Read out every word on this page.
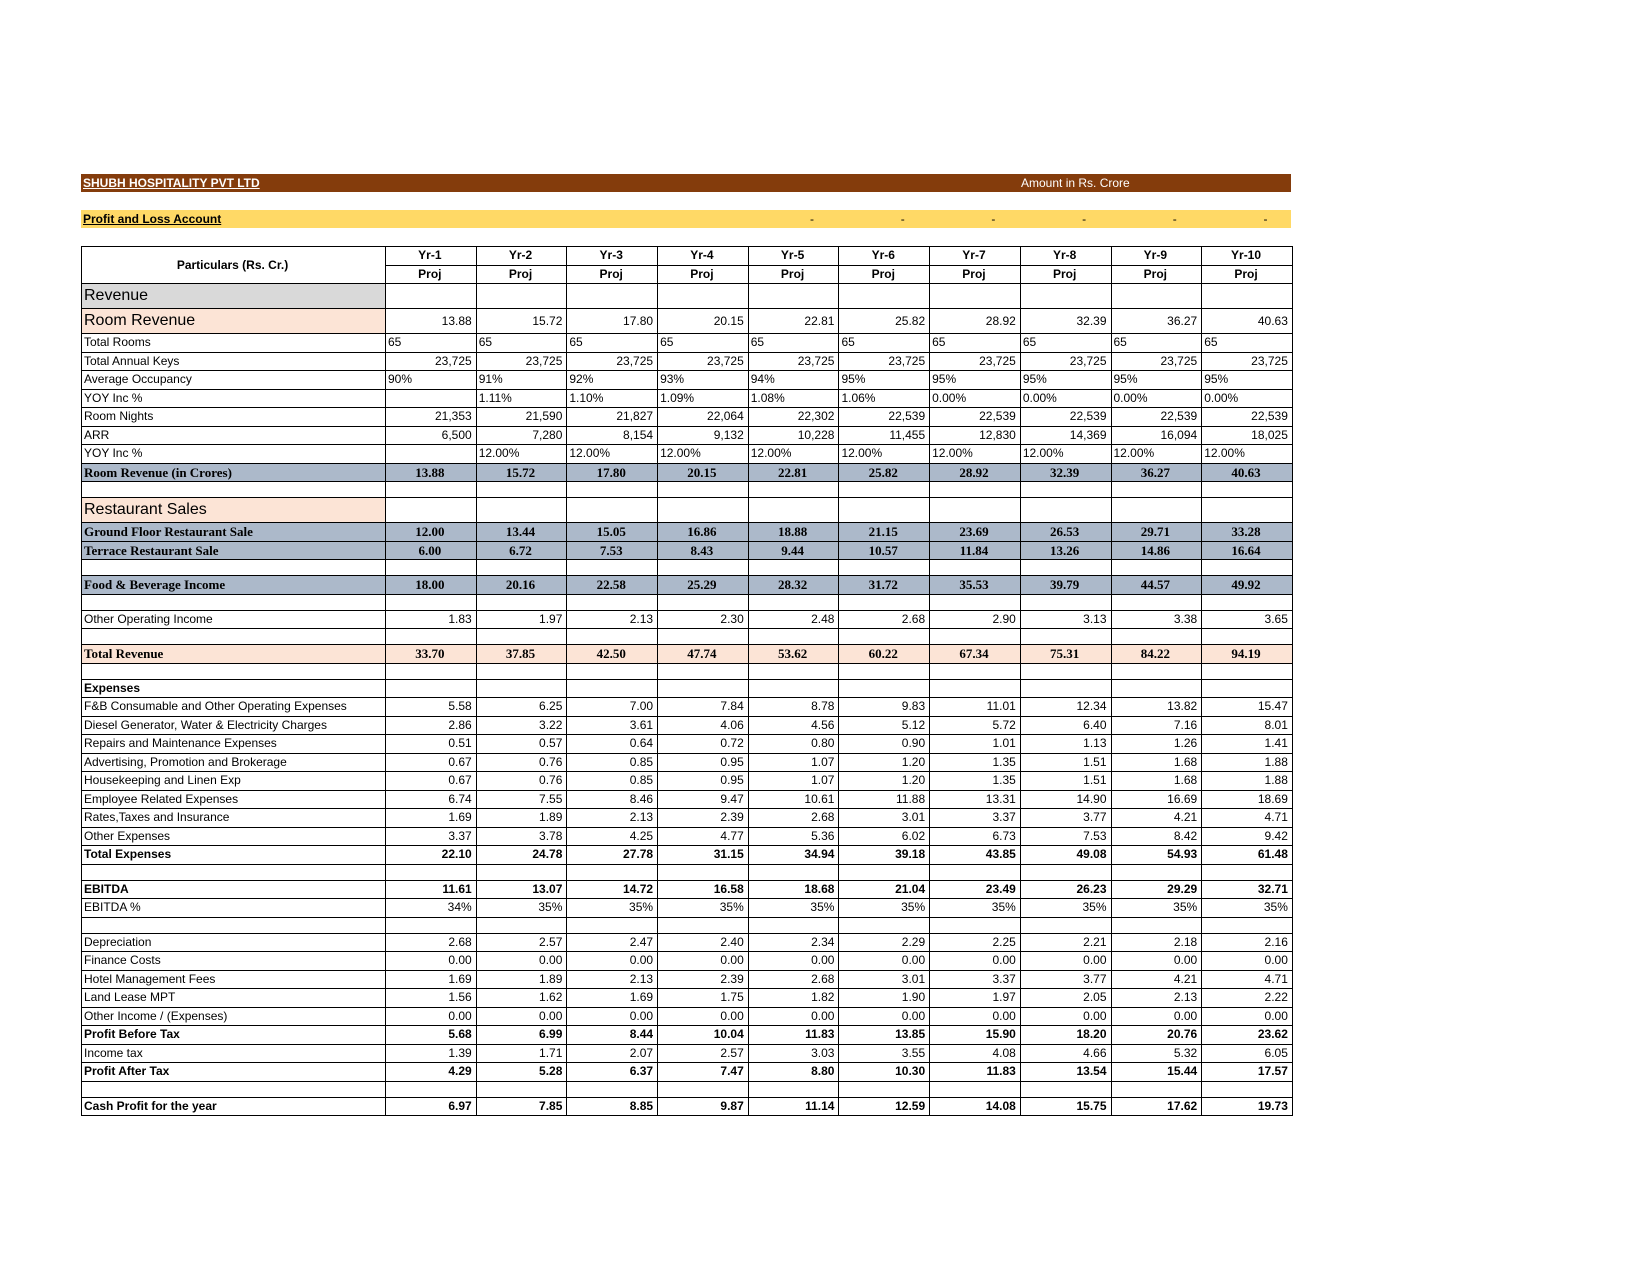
SHUBH HOSPITALITY PVT LTD	Amount in Rs. Crore
Profit and Loss Account	-	-	-	-	-	-
Particulars (Rs. Cr.)	Yr-1	Yr-2	Yr-3	Yr-4	Yr-5	Yr-6	Yr-7	Yr-8	Yr-9	Yr-10
	Proj	Proj	Proj	Proj	Proj	Proj	Proj	Proj	Proj	Proj
Revenue										
Room Revenue	13.88	15.72	17.80	20.15	22.81	25.82	28.92	32.39	36.27	40.63
Total Rooms	65	65	65	65	65	65	65	65	65	65
Total Annual Keys	23,725	23,725	23,725	23,725	23,725	23,725	23,725	23,725	23,725	23,725
Average Occupancy	90%	91%	92%	93%	94%	95%	95%	95%	95%	95%
YOY Inc %		1.11%	1.10%	1.09%	1.08%	1.06%	0.00%	0.00%	0.00%	0.00%
Room Nights	21,353	21,590	21,827	22,064	22,302	22,539	22,539	22,539	22,539	22,539
ARR	6,500	7,280	8,154	9,132	10,228	11,455	12,830	14,369	16,094	18,025
YOY Inc %		12.00%	12.00%	12.00%	12.00%	12.00%	12.00%	12.00%	12.00%	12.00%
Room Revenue (in Crores)	13.88	15.72	17.80	20.15	22.81	25.82	28.92	32.39	36.27	40.63

Restaurant Sales										
Ground Floor Restaurant Sale	12.00	13.44	15.05	16.86	18.88	21.15	23.69	26.53	29.71	33.28
Terrace Restaurant Sale	6.00	6.72	7.53	8.43	9.44	10.57	11.84	13.26	14.86	16.64

Food & Beverage Income	18.00	20.16	22.58	25.29	28.32	31.72	35.53	39.79	44.57	49.92

Other Operating Income	1.83	1.97	2.13	2.30	2.48	2.68	2.90	3.13	3.38	3.65

Total Revenue	33.70	37.85	42.50	47.74	53.62	60.22	67.34	75.31	84.22	94.19

Expenses										
F&B Consumable and Other Operating Expenses	5.58	6.25	7.00	7.84	8.78	9.83	11.01	12.34	13.82	15.47
Diesel Generator, Water & Electricity Charges	2.86	3.22	3.61	4.06	4.56	5.12	5.72	6.40	7.16	8.01
Repairs and Maintenance Expenses	0.51	0.57	0.64	0.72	0.80	0.90	1.01	1.13	1.26	1.41
Advertising, Promotion and Brokerage	0.67	0.76	0.85	0.95	1.07	1.20	1.35	1.51	1.68	1.88
Housekeeping and Linen Exp	0.67	0.76	0.85	0.95	1.07	1.20	1.35	1.51	1.68	1.88
Employee Related Expenses	6.74	7.55	8.46	9.47	10.61	11.88	13.31	14.90	16.69	18.69
Rates,Taxes and Insurance	1.69	1.89	2.13	2.39	2.68	3.01	3.37	3.77	4.21	4.71
Other Expenses	3.37	3.78	4.25	4.77	5.36	6.02	6.73	7.53	8.42	9.42
Total Expenses	22.10	24.78	27.78	31.15	34.94	39.18	43.85	49.08	54.93	61.48

EBITDA	11.61	13.07	14.72	16.58	18.68	21.04	23.49	26.23	29.29	32.71
EBITDA %	34%	35%	35%	35%	35%	35%	35%	35%	35%	35%

Depreciation	2.68	2.57	2.47	2.40	2.34	2.29	2.25	2.21	2.18	2.16
Finance Costs	0.00	0.00	0.00	0.00	0.00	0.00	0.00	0.00	0.00	0.00
Hotel Management Fees	1.69	1.89	2.13	2.39	2.68	3.01	3.37	3.77	4.21	4.71
Land Lease MPT	1.56	1.62	1.69	1.75	1.82	1.90	1.97	2.05	2.13	2.22
Other Income / (Expenses)	0.00	0.00	0.00	0.00	0.00	0.00	0.00	0.00	0.00	0.00
Profit Before Tax	5.68	6.99	8.44	10.04	11.83	13.85	15.90	18.20	20.76	23.62
Income tax	1.39	1.71	2.07	2.57	3.03	3.55	4.08	4.66	5.32	6.05
Profit After Tax	4.29	5.28	6.37	7.47	8.80	10.30	11.83	13.54	15.44	17.57

Cash Profit for the year	6.97	7.85	8.85	9.87	11.14	12.59	14.08	15.75	17.62	19.73
